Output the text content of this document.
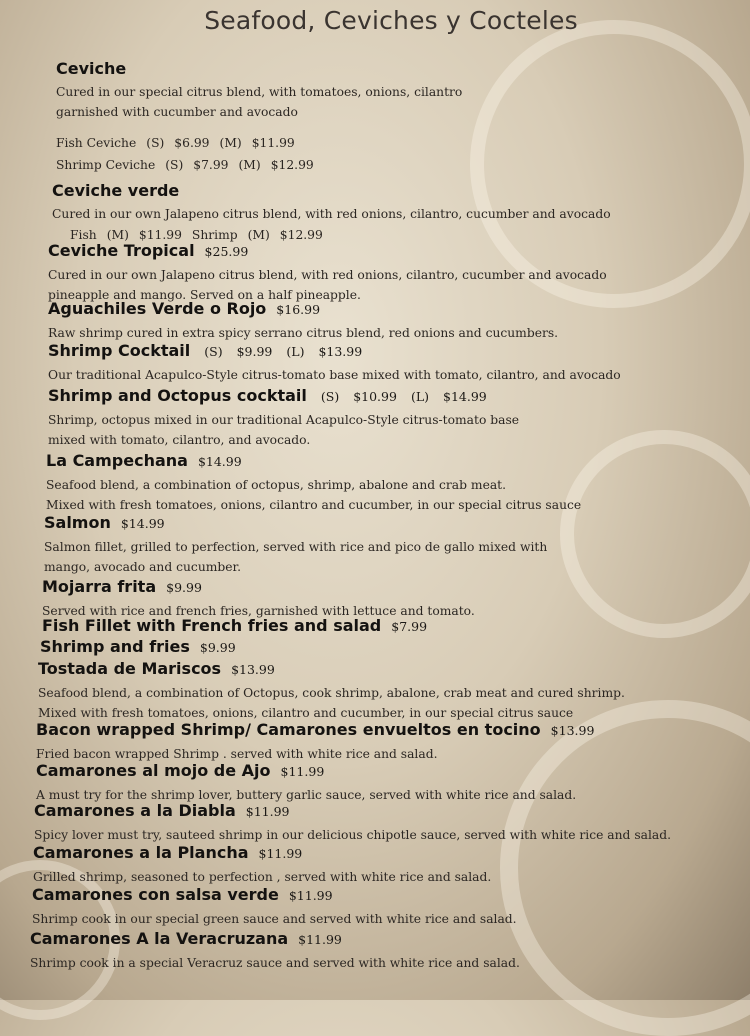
Seafood, Ceviches y Cocteles
Ceviche
Cured in our special citrus blend, with tomatoes, onions, cilantro
garnished with cucumber and avocado
Fish Ceviche (S) $6.99 (M) $11.99
Shrimp Ceviche (S) $7.99 (M) $12.99
Ceviche verde
Cured in our own Jalapeno citrus blend, with red onions, cilantro, cucumber and avocado
Fish (M) $11.99 Shrimp (M) $12.99
Ceviche Tropical $25.99
Cured in our own Jalapeno citrus blend, with red onions, cilantro, cucumber and avocado
pineapple and mango. Served on a half pineapple.
Aguachiles Verde o Rojo $16.99
Raw shrimp cured in extra spicy serrano citrus blend, red onions and cucumbers.
Shrimp Cocktail (S) $9.99 (L) $13.99
Our traditional Acapulco-Style citrus-tomato base mixed with tomato, cilantro, and avocado
Shrimp and Octopus cocktail (S) $10.99 (L) $14.99
Shrimp, octopus mixed in our traditional Acapulco-Style citrus-tomato base
mixed with tomato, cilantro, and avocado.
La Campechana $14.99
Seafood blend, a combination of octopus, shrimp, abalone and crab meat.
Mixed with fresh tomatoes, onions, cilantro and cucumber, in our special citrus sauce
Salmon $14.99
Salmon fillet, grilled to perfection, served with rice and pico de gallo mixed with
mango, avocado and cucumber.
Mojarra frita $9.99
Served with rice and french fries, garnished with lettuce and tomato.
Fish Fillet with French fries and salad $7.99
Shrimp and fries $9.99
Tostada de Mariscos $13.99
Seafood blend, a combination of Octopus, cook shrimp, abalone, crab meat and cured shrimp.
Mixed with fresh tomatoes, onions, cilantro and cucumber, in our special citrus sauce
Bacon wrapped Shrimp/ Camarones envueltos en tocino $13.99
Fried bacon wrapped Shrimp . served with white rice and salad.
Camarones al mojo de Ajo $11.99
A must try for the shrimp lover, buttery garlic sauce, served with white rice and salad.
Camarones a la Diabla $11.99
Spicy lover must try, sauteed shrimp in our delicious chipotle sauce, served with white rice and salad.
Camarones a la Plancha $11.99
Grilled shrimp, seasoned to perfection , served with white rice and salad.
Camarones con salsa verde $11.99
Shrimp cook in our special green sauce and served with white rice and salad.
Camarones A la Veracruzana $11.99
Shrimp cook in a special Veracruz sauce and served with white rice and salad.
